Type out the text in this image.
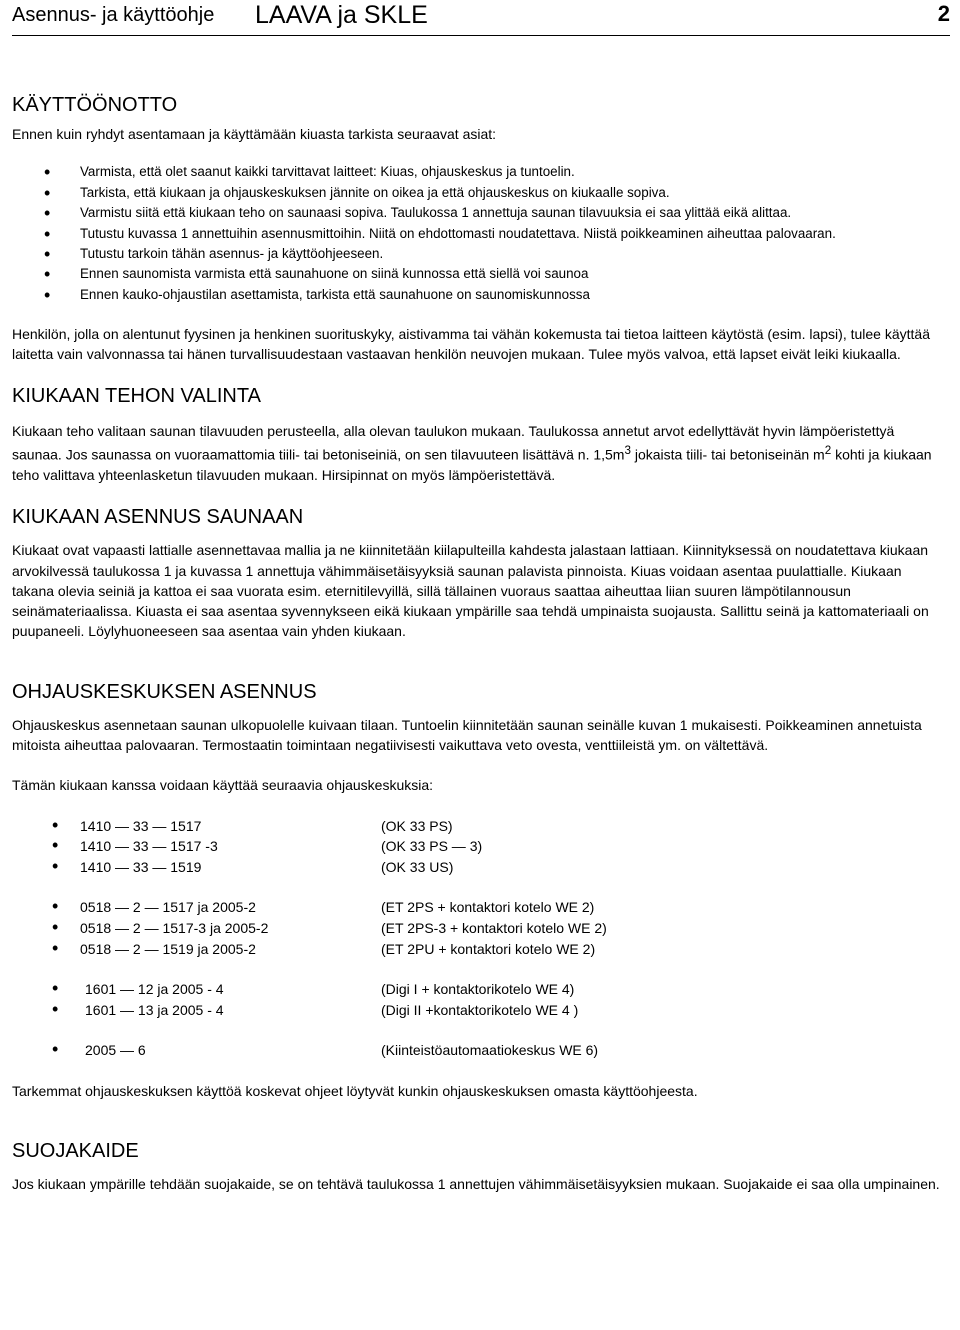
Asennus- ja käyttöohje LAAVA ja SKLE	2
KÄYTTÖÖNOTTO

Ennen kuin ryhdyt asentamaan ja käyttämään kiuasta tarkista seuraavat asiat:

• Varmista, että olet saanut kaikki tarvittavat laitteet: Kiuas, ohjauskeskus ja tuntoelin.
• Tarkista, että kiukaan ja ohjauskeskuksen jännite on oikea ja että ohjauskeskus on kiukaalle sopiva.
• Varmistu siitä että kiukaan teho on saunaasi sopiva. Taulukossa 1 annettuja saunan tilavuuksia ei saa ylittää eikä alittaa.
• Tutustu kuvassa 1 annettuihin asennusmittoihin. Niitä on ehdottomasti noudatettava. Niistä poikkeaminen aiheuttaa palovaaran.
• Tutustu tarkoin tähän asennus- ja käyttöohjeeseen.
• Ennen saunomista varmista että saunahuone on siinä kunnossa että siellä voi saunoa
• Ennen kauko-ohjaustilan asettamista, tarkista että saunahuone on saunomiskunnossa

Henkilön, jolla on alentunut fyysinen ja henkinen suorituskyky, aistivamma tai vähän kokemusta tai tietoa laitteen käytöstä (esim. lapsi), tulee käyttää laitetta vain valvonnassa tai hänen turvallisuudestaan vastaavan henkilön neuvojen mukaan. Tulee myös valvoa, että lapset eivät leiki kiukaalla.

KIUKAAN TEHON VALINTA

Kiukaan teho valitaan saunan tilavuuden perusteella, alla olevan taulukon mukaan. Taulukossa annetut arvot edellyttävät hyvin lämpöeristettyä saunaa. Jos saunassa on vuoraamattomia tiili- tai betoniseiniä, on sen tilavuuteen lisättävä n. $1,5m^3$ jokaista tiili- tai betoniseinän $m^2$ kohti ja kiukaan teho valittava yhteenlasketun tilavuuden mukaan. Hirsipinnat on myös lämpöeristettävä.

KIUKAAN ASENNUS SAUNAAN

Kiukaat ovat vapaasti lattialle asennettavaa mallia ja ne kiinnitetään kiilapulteilla kahdesta jalastaan lattiaan. Kiinnityksessä on noudatettava kiukaan arvokilvessä taulukossa 1 ja kuvassa 1 annettuja vähimmäisetäisyyksiä saunan palavista pinnoista. Kiuas voidaan asentaa puulattialle. Kiukaan takana olevia seiniä ja kattoa ei saa vuorata esim. eternitilevyillä, sillä tällainen vuoraus saattaa aiheuttaa liian suuren lämpötilannousun seinämateriaalissa. Kiuasta ei saa asentaa syvennykseen eikä kiukaan ympärille saa tehdä umpinaista suojausta. Sallittu seinä ja kattomateriaali on puupaneeli. Löylyhuoneeseen saa asentaa vain yhden kiukaan.

OHJAUSKESKUKSEN ASENNUS

Ohjauskeskus asennetaan saunan ulkopuolelle kuivaan tilaan. Tuntoelin kiinnitetään saunan seinälle kuvan 1 mukaisesti. Poikkeaminen annetuista mitoista aiheuttaa palovaaran. Termostaatin toimintaan negatiivisesti vaikuttava veto ovesta, venttiileistä ym. on vältettävä.

Tämän kiukaan kanssa voidaan käyttää seuraavia ohjauskeskuksia:

• 1410 — 33 — 1517	(OK 33 PS)
• 1410 — 33 — 1517 -3	(OK 33 PS — 3)
• 1410 — 33 — 1519	(OK 33 US)
• 0518 — 2 — 1517 ja 2005-2	(ET 2PS + kontaktori kotelo WE 2)
• 0518 — 2 — 1517-3 ja 2005-2	(ET 2PS-3 + kontaktori kotelo WE 2)
• 0518 — 2 — 1519 ja 2005-2	(ET 2PU + kontaktori kotelo WE 2)
• 1601 — 12 ja 2005 - 4	(Digi I + kontaktorikotelo WE 4)
• 1601 — 13 ja 2005 - 4	(Digi II +kontaktorikotelo WE 4 )
• 2005 — 6	(Kiinteistöautomaatiokeskus WE 6)

Tarkemmat ohjauskeskuksen käyttöä koskevat ohjeet löytyvät kunkin ohjauskeskuksen omasta käyttöohjeesta.

SUOJAKAIDE

Jos kiukaan ympärille tehdään suojakaide, se on tehtävä taulukossa 1 annettujen vähimmäisetäisyyksien mukaan. Suojakaide ei saa olla umpinainen.
